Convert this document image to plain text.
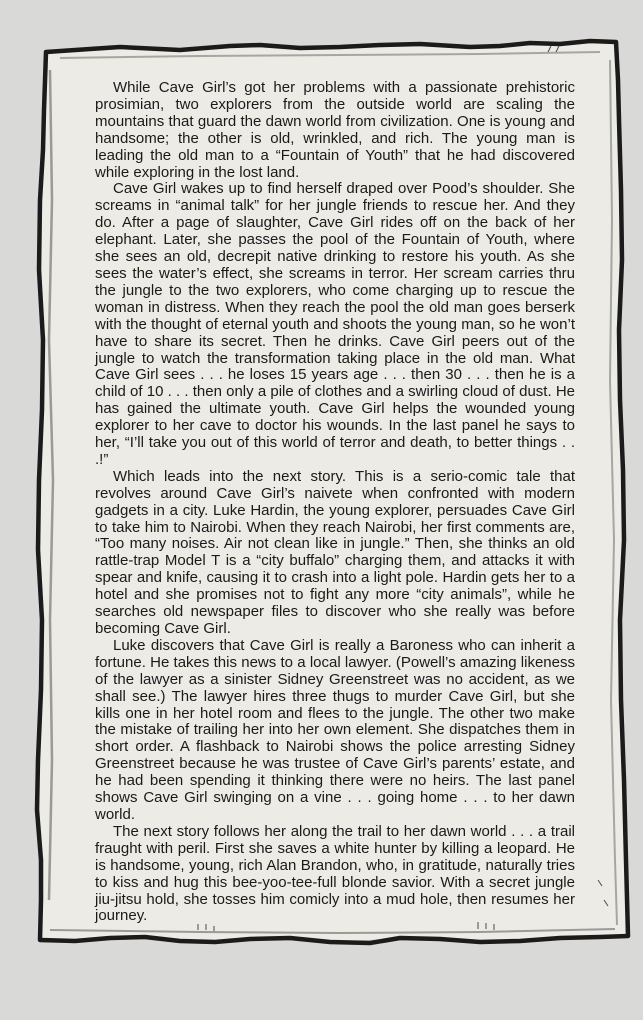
While Cave Girl’s got her problems with a passionate prehistoric prosimian, two explorers from the outside world are scaling the mountains that guard the dawn world from civilization. One is young and handsome; the other is old, wrinkled, and rich. The young man is leading the old man to a “Fountain of Youth” that he had discovered while exploring in the lost land.

Cave Girl wakes up to find herself draped over Pood’s shoulder. She screams in “animal talk” for her jungle friends to rescue her. And they do. After a page of slaughter, Cave Girl rides off on the back of her elephant. Later, she passes the pool of the Fountain of Youth, where she sees an old, decrepit native drinking to restore his youth. As she sees the water’s effect, she screams in terror. Her scream carries thru the jungle to the two explorers, who come charging up to rescue the woman in distress. When they reach the pool the old man goes berserk with the thought of eternal youth and shoots the young man, so he won’t have to share its secret. Then he drinks. Cave Girl peers out of the jungle to watch the transformation taking place in the old man. What Cave Girl sees . . . he loses 15 years age . . . then 30 . . . then he is a child of 10 . . . then only a pile of clothes and a swirling cloud of dust. He has gained the ultimate youth. Cave Girl helps the wounded young explorer to her cave to doctor his wounds. In the last panel he says to her, “I’ll take you out of this world of terror and death, to better things . . .!”

Which leads into the next story. This is a serio-comic tale that revolves around Cave Girl’s naivete when confronted with modern gadgets in a city. Luke Hardin, the young explorer, persuades Cave Girl to take him to Nairobi. When they reach Nairobi, her first comments are, “Too many noises. Air not clean like in jungle.” Then, she thinks an old rattle-trap Model T is a “city buffalo” charging them, and attacks it with spear and knife, causing it to crash into a light pole. Hardin gets her to a hotel and she promises not to fight any more “city animals”, while he searches old newspaper files to discover who she really was before becoming Cave Girl.

Luke discovers that Cave Girl is really a Baroness who can inherit a fortune. He takes this news to a local lawyer. (Powell’s amazing likeness of the lawyer as a sinister Sidney Greenstreet was no accident, as we shall see.) The lawyer hires three thugs to murder Cave Girl, but she kills one in her hotel room and flees to the jungle. The other two make the mistake of trailing her into her own element. She dispatches them in short order. A flashback to Nairobi shows the police arresting Sidney Greenstreet because he was trustee of Cave Girl’s parents’ estate, and he had been spending it thinking there were no heirs. The last panel shows Cave Girl swinging on a vine . . . going home . . . to her dawn world.

The next story follows her along the trail to her dawn world . . . a trail fraught with peril. First she saves a white hunter by killing a leopard. He is handsome, young, rich Alan Brandon, who, in gratitude, naturally tries to kiss and hug this bee-yoo-tee-full blonde savior. With a secret jungle jiu-jitsu hold, she tosses him comicly into a mud hole, then resumes her journey.
